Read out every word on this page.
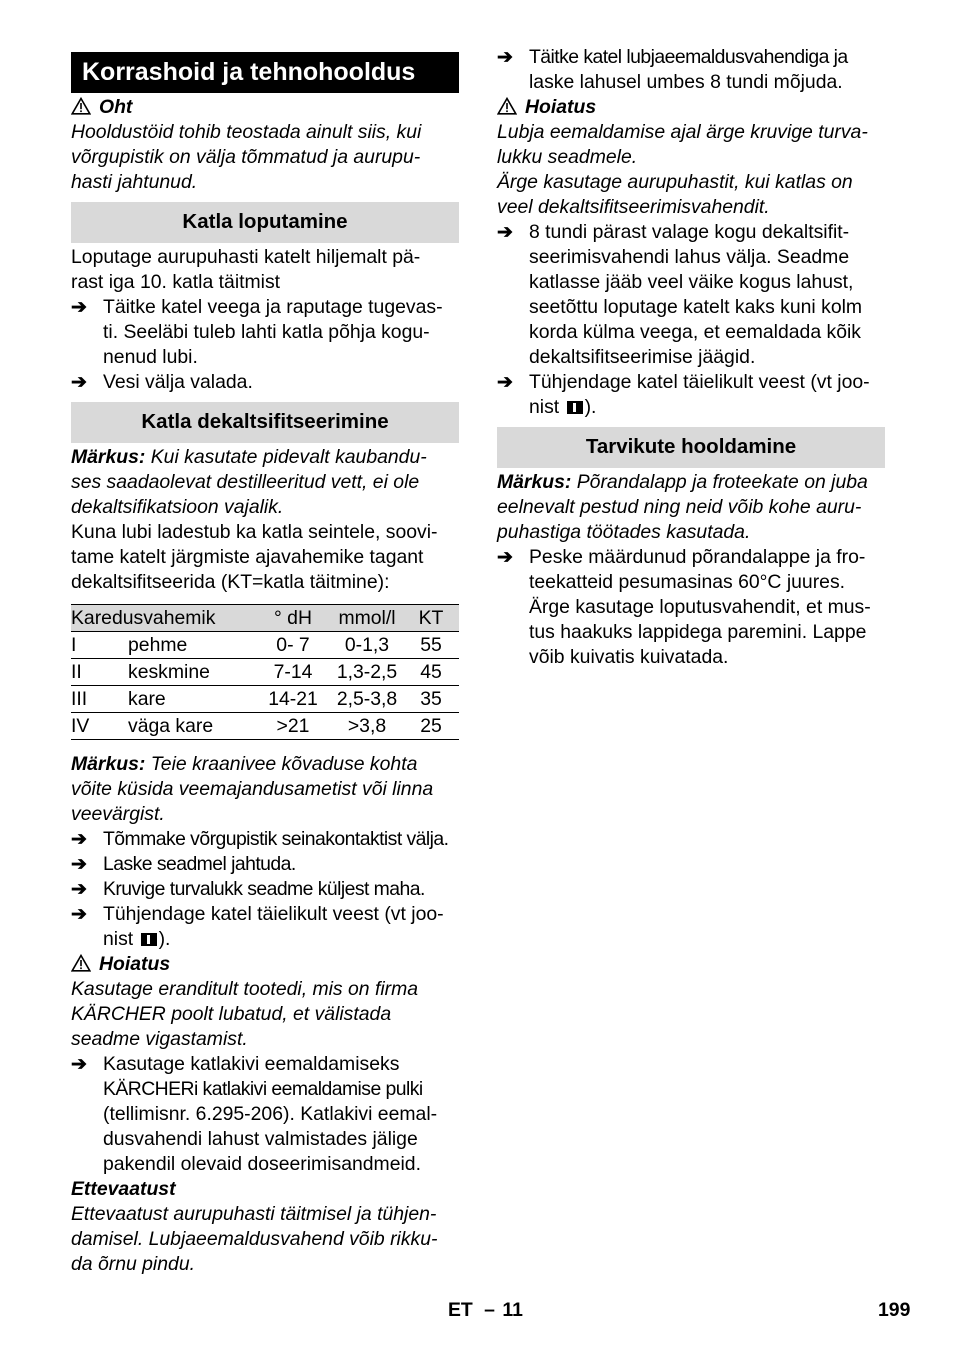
Korrashoid ja tehnohooldus
Oht
Hooldustöid tohib teostada ainult siis, kui
võrgupistik on välja tõmmatud ja aurupu-
hasti jahtunud.
Katla loputamine
Loputage aurupuhasti katelt hiljemalt pä-
rast iga 10. katla täitmist
➔ Täitke katel veega ja raputage tugevas-
ti. Seeläbi tuleb lahti katla põhja kogu-
nenud lubi.
➔ Vesi välja valada.
Katla dekaltsifitseerimine
Märkus: Kui kasutate pidevalt kaubandu-
ses saadaolevat destilleeritud vett, ei ole
dekaltsifikatsioon vajalik.
Kuna lubi ladestub ka katla seintele, soovi-
tame katelt järgmiste ajavahemike tagant
dekaltsifitseerida (KT=katla täitmine):
Karedusvahemik		° dH	mmol/l	KT
I	pehme	0- 7	0-1,3	55
II	keskmine	7-14	1,3-2,5	45
III	kare	14-21	2,5-3,8	35
IV	väga kare	>21	>3,8	25
Märkus: Teie kraanivee kõvaduse kohta
võite küsida veemajandusametist või linna
veevärgist.
➔ Tõmmake võrgupistik seinakontaktist välja.
➔ Laske seadmel jahtuda.
➔ Kruvige turvalukk seadme küljest maha.
➔ Tühjendage katel täielikult veest (vt joo-
nist
).
Hoiatus
Kasutage eranditult tootedi, mis on firma
KÄRCHER poolt lubatud, et välistada
seadme vigastamist.
➔ Kasutage katlakivi eemaldamiseks
KÄRCHERi katlakivi eemaldamise pulki
(tellimisnr. 6.295-206). Katlakivi eemal-
dusvahendi lahust valmistades jälige
pakendil olevaid doseerimisandmeid.
Ettevaatust
Ettevaatust aurupuhasti täitmisel ja tühjen-
damisel. Lubjaeemaldusvahend võib rikku-
da õrnu pindu.
➔ Täitke katel lubjaeemaldusvahendiga ja
laske lahusel umbes 8 tundi mõjuda.
Hoiatus
Lubja eemaldamise ajal ärge kruvige turva-
lukku seadmele.
Ärge kasutage aurupuhastit, kui katlas on
veel dekaltsifitseerimisvahendit.
➔ 8 tundi pärast valage kogu dekaltsifit-
seerimisvahendi lahus välja. Seadme
katlasse jääb veel väike kogus lahust,
seetõttu loputage katelt kaks kuni kolm
korda külma veega, et eemaldada kõik
dekaltsifitseerimise jäägid.
➔ Tühjendage katel täielikult veest (vt joo-
nist
).
Tarvikute hooldamine
Märkus: Põrandalapp ja froteekate on juba
eelnevalt pestud ning neid võib kohe auru-
puhastiga töötades kasutada.
➔ Peske määrdunud põrandalappe ja fro-
teekatteid pesumasinas 60°C juures.
Ärge kasutage loputusvahendit, et mus-
tus haakuks lappidega paremini. Lappe
võib kuivatis kuivatada.
ET – 11	199
